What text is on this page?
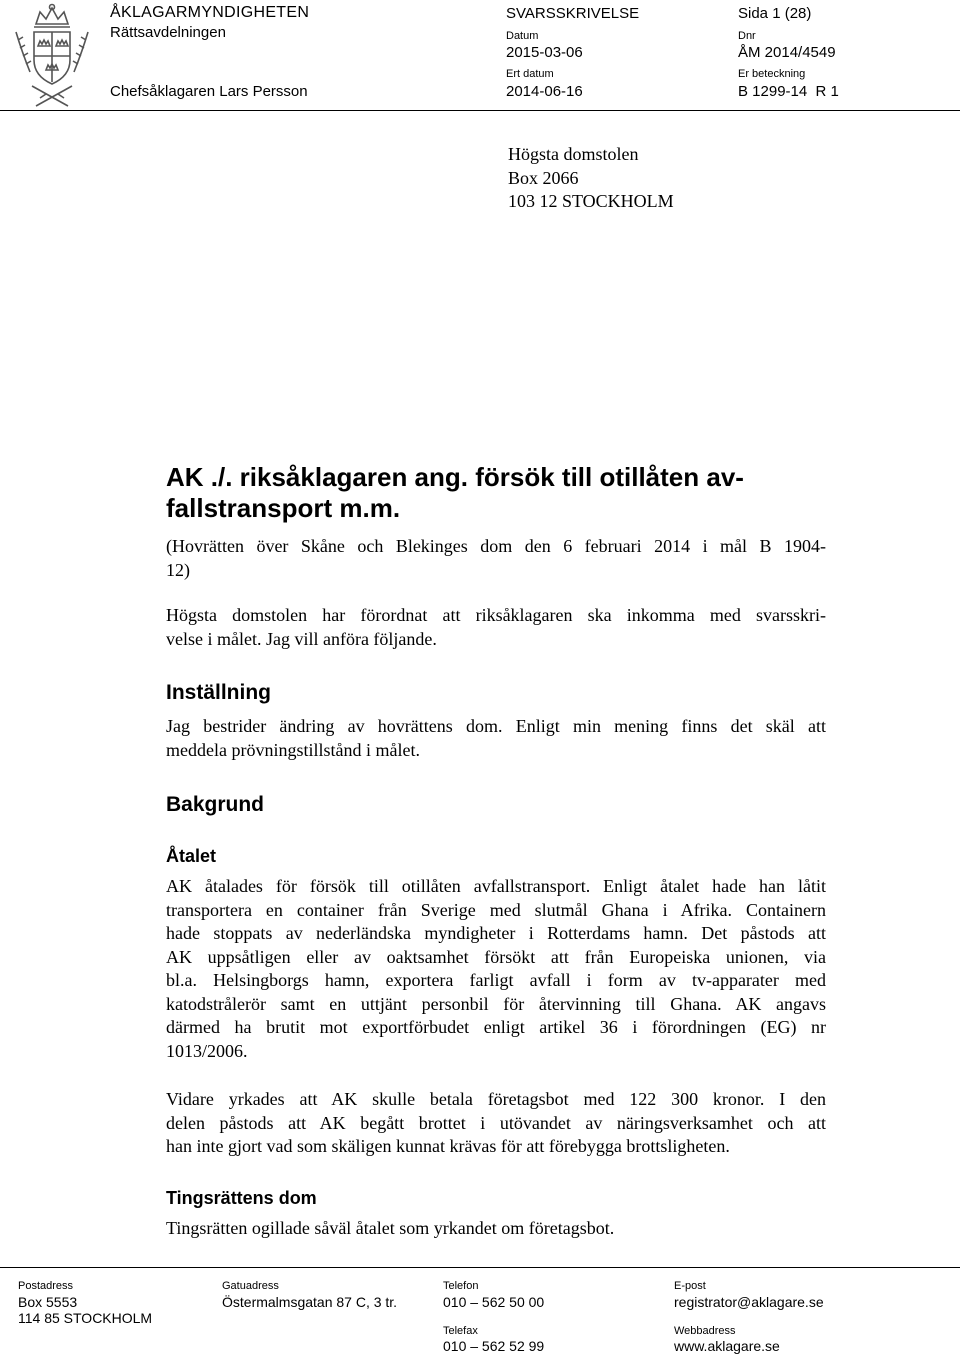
ÅKLAGARMYNDIGHETEN
Rättsavdelningen
Chefsåklagaren Lars Persson
SVARSSKRIVELSE
Datum
2015-03-06
Ert datum
2014-06-16
Sida 1 (28)
Dnr
ÅM 2014/4549
Er beteckning
B 1299-14  R 1
Högsta domstolen
Box 2066
103 12 STOCKHOLM
AK ./. riksåklagaren ang. försök till otillåten av-
fallstransport m.m.
(Hovrätten över Skåne och Blekinges dom den 6 februari 2014 i mål B 1904-
12)
Högsta domstolen har förordnat att riksåklagaren ska inkomma med svarsskri-
velse i målet. Jag vill anföra följande.
Inställning
Jag bestrider ändring av hovrättens dom. Enligt min mening finns det skäl att
meddela prövningstillstånd i målet.
Bakgrund
Åtalet
AK åtalades för försök till otillåten avfallstransport. Enligt åtalet hade han låtit
transportera en container från Sverige med slutmål Ghana i Afrika. Containern
hade stoppats av nederländska myndigheter i Rotterdams hamn. Det påstods att
AK uppsåtligen eller av oaktsamhet försökt att från Europeiska unionen, via
bl.a. Helsingborgs hamn, exportera farligt avfall i form av tv-apparater med
katodstrålerör samt en uttjänt personbil för återvinning till Ghana. AK angavs
därmed ha brutit mot exportförbudet enligt artikel 36 i förordningen (EG) nr
1013/2006.
Vidare yrkades att AK skulle betala företagsbot med 122 300 kronor. I den
delen påstods att AK begått brottet i utövandet av näringsverksamhet och att
han inte gjort vad som skäligen kunnat krävas för att förebygga brottsligheten.
Tingsrättens dom
Tingsrätten ogillade såväl åtalet som yrkandet om företagsbot.
Postadress
Box 5553
114 85 STOCKHOLM
Gatuadress
Östermalmsgatan 87 C, 3 tr.
Telefon
010 – 562 50 00
Telefax
010 – 562 52 99
E-post
registrator@aklagare.se
Webbadress
www.aklagare.se
